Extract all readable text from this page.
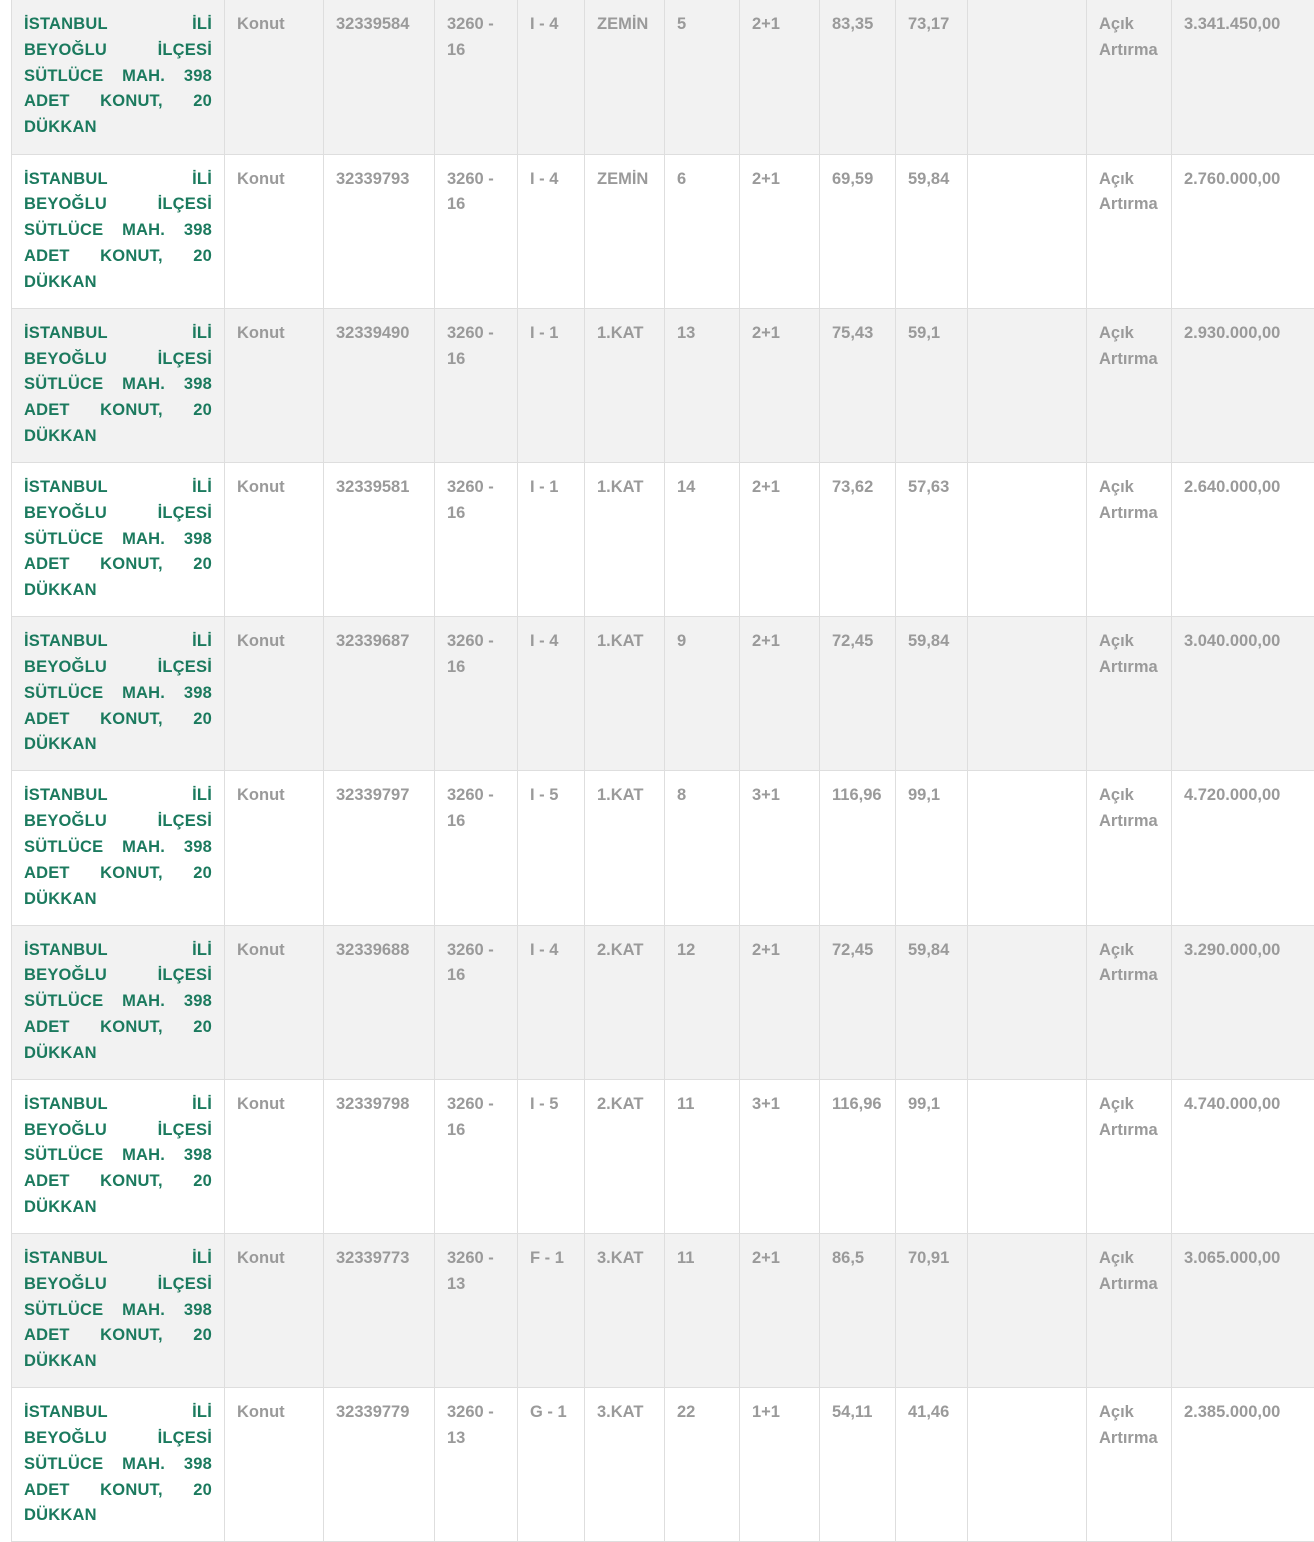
İSTANBUL İLİ BEYOĞLU İLÇESİ SÜTLÜCE MAH. 398 ADET KONUT, 20 DÜKKAN	Konut	32339584	3260 - 16	I - 4	ZEMİN	5	2+1	83,35	73,17		Açık Artırma	3.341.450,00
İSTANBUL İLİ BEYOĞLU İLÇESİ SÜTLÜCE MAH. 398 ADET KONUT, 20 DÜKKAN	Konut	32339793	3260 - 16	I - 4	ZEMİN	6	2+1	69,59	59,84		Açık Artırma	2.760.000,00
İSTANBUL İLİ BEYOĞLU İLÇESİ SÜTLÜCE MAH. 398 ADET KONUT, 20 DÜKKAN	Konut	32339490	3260 - 16	I - 1	1.KAT	13	2+1	75,43	59,1		Açık Artırma	2.930.000,00
İSTANBUL İLİ BEYOĞLU İLÇESİ SÜTLÜCE MAH. 398 ADET KONUT, 20 DÜKKAN	Konut	32339581	3260 - 16	I - 1	1.KAT	14	2+1	73,62	57,63		Açık Artırma	2.640.000,00
İSTANBUL İLİ BEYOĞLU İLÇESİ SÜTLÜCE MAH. 398 ADET KONUT, 20 DÜKKAN	Konut	32339687	3260 - 16	I - 4	1.KAT	9	2+1	72,45	59,84		Açık Artırma	3.040.000,00
İSTANBUL İLİ BEYOĞLU İLÇESİ SÜTLÜCE MAH. 398 ADET KONUT, 20 DÜKKAN	Konut	32339797	3260 - 16	I - 5	1.KAT	8	3+1	116,96	99,1		Açık Artırma	4.720.000,00
İSTANBUL İLİ BEYOĞLU İLÇESİ SÜTLÜCE MAH. 398 ADET KONUT, 20 DÜKKAN	Konut	32339688	3260 - 16	I - 4	2.KAT	12	2+1	72,45	59,84		Açık Artırma	3.290.000,00
İSTANBUL İLİ BEYOĞLU İLÇESİ SÜTLÜCE MAH. 398 ADET KONUT, 20 DÜKKAN	Konut	32339798	3260 - 16	I - 5	2.KAT	11	3+1	116,96	99,1		Açık Artırma	4.740.000,00
İSTANBUL İLİ BEYOĞLU İLÇESİ SÜTLÜCE MAH. 398 ADET KONUT, 20 DÜKKAN	Konut	32339773	3260 - 13	F - 1	3.KAT	11	2+1	86,5	70,91		Açık Artırma	3.065.000,00
İSTANBUL İLİ BEYOĞLU İLÇESİ SÜTLÜCE MAH. 398 ADET KONUT, 20 DÜKKAN	Konut	32339779	3260 - 13	G - 1	3.KAT	22	1+1	54,11	41,46		Açık Artırma	2.385.000,00
